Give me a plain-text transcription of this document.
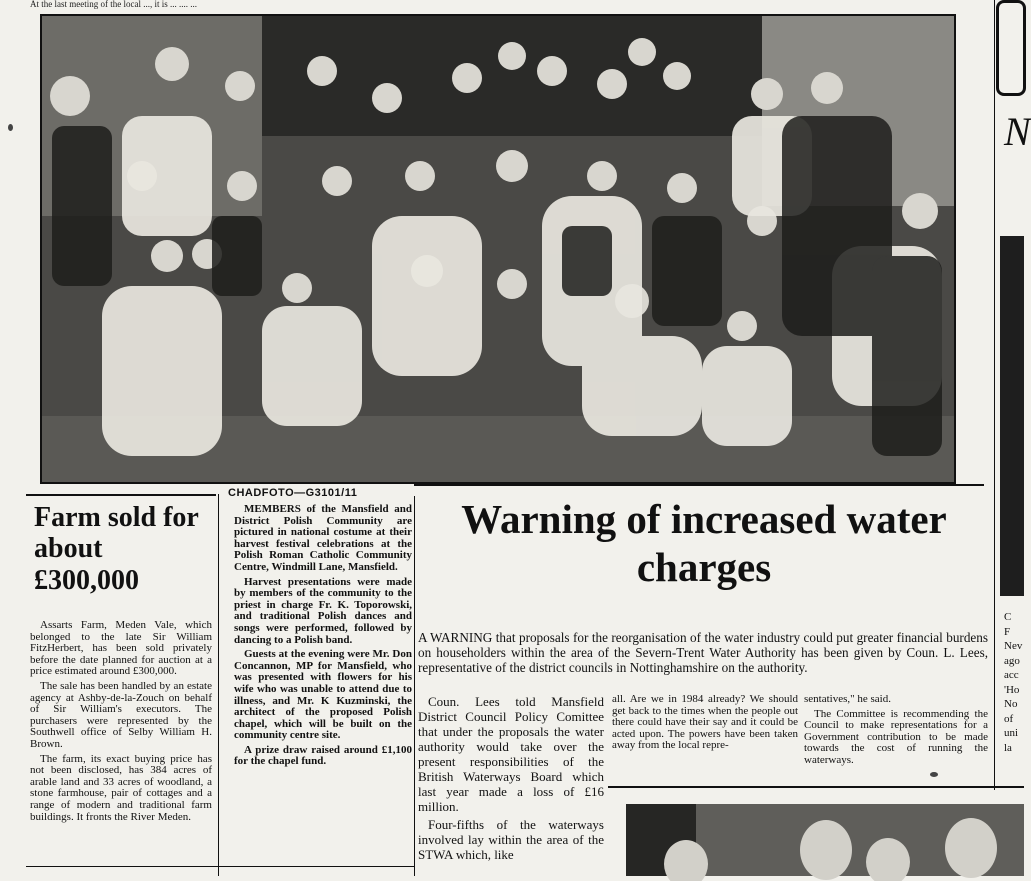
At the last meeting of the local ..., it is ... .... ...
CHADFOTO—G3101/11
Farm sold for about £300,000

Assarts Farm, Meden Vale, which belonged to the late Sir William FitzHerbert, has been sold privately before the date planned for auction at a price estimated around £300,000.

The sale has been handled by an estate agency at Ashby-de-la-Zouch on behalf of Sir William's executors. The purchasers were represented by the Southwell office of Selby William H. Brown.

The farm, its exact buying price has not been disclosed, has 384 acres of arable land and 33 acres of woodland, a stone farmhouse, pair of cottages and a range of modern and traditional farm buildings. It fronts the River Meden.

MEMBERS of the Mansfield and District Polish Community are pictured in national costume at their harvest festival celebrations at the Polish Roman Catholic Community Centre, Windmill Lane, Mansfield.

Harvest presentations were made by members of the community to the priest in charge Fr. K. Toporowski, and traditional Polish dances and songs were performed, followed by dancing to a Polish band.

Guests at the evening were Mr. Don Concannon, MP for Mansfield, who was presented with flowers for his wife who was unable to attend due to illness, and Mr. K Kuzminski, the architect of the proposed Polish chapel, which will be built on the community centre site.

A prize draw raised around £1,100 for the chapel fund.

Warning of increased water charges
A WARNING that proposals for the reorganisation of the water industry could put greater financial burdens on householders within the area of the Severn-Trent Water Authority has been given by Coun. L. Lees, representative of the district councils in Nottinghamshire on the authority.

Coun. Lees told Mansfield District Council Policy Comittee that under the proposals the water authority would take over the present responsibilities of the British Waterways Board which last year made a loss of £16 million.

Four-fifths of the waterways involved lay within the area of the STWA which, like

all. Are we in 1984 already? We should get back to the times when the people out there could have their say and it could be acted upon. The powers have been taken away from the local repre-

sentatives," he said.

The Committee is recommending the Council to make representations for a Government contribution to be made towards the cost of running the waterways.

N
C
F
Nev
ago
acc
'Ho
No
of
uni
la
